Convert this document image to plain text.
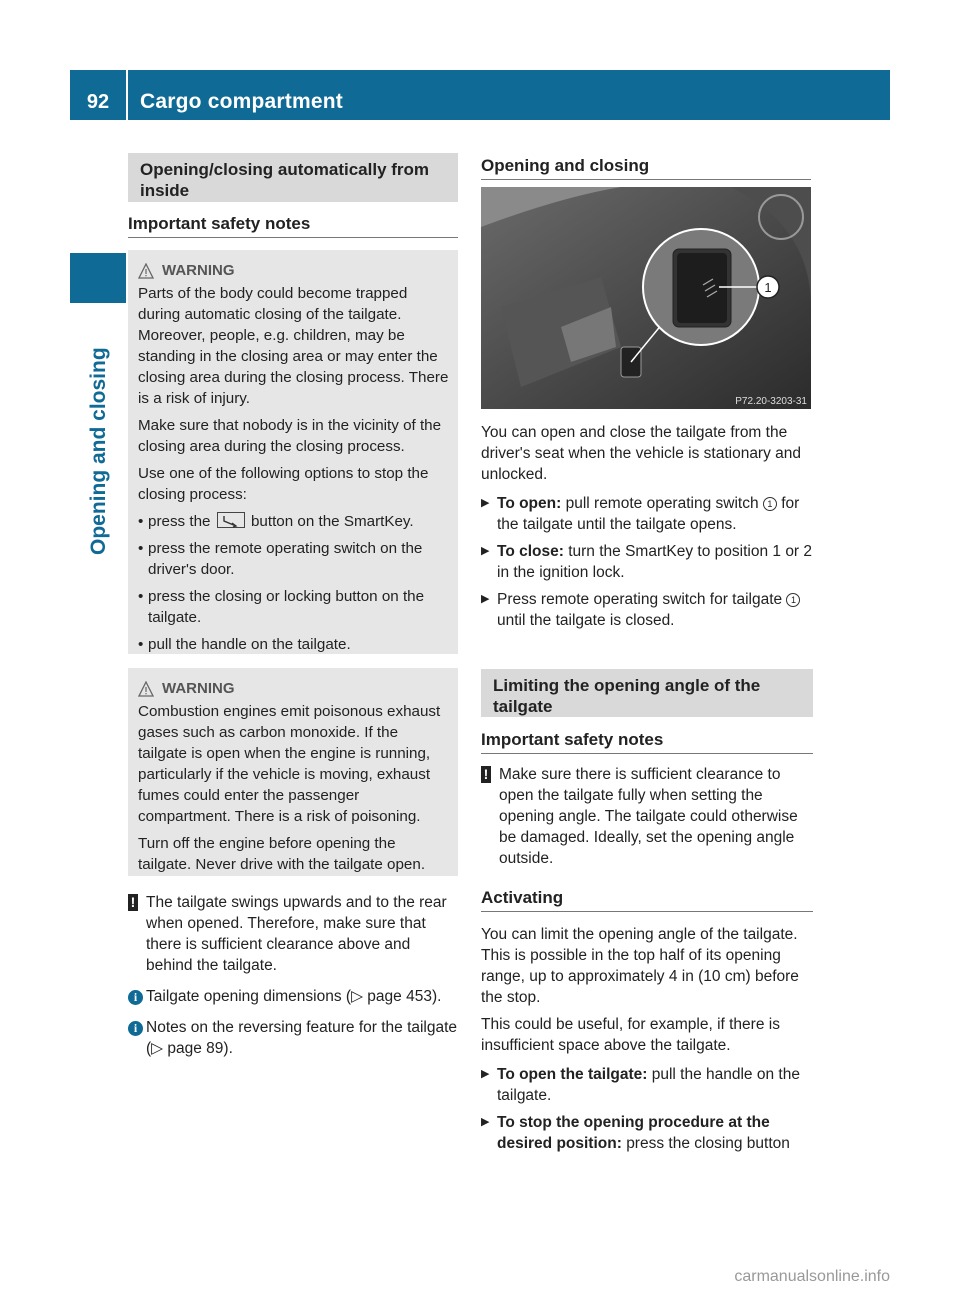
92	Cargo compartment
Opening and closing
Opening/closing automatically from inside
Important safety notes
WARNING

Parts of the body could become trapped during automatic closing of the tailgate. Moreover, people, e.g. children, may be standing in the closing area or may enter the closing area during the closing process. There is a risk of injury.

Make sure that nobody is in the vicinity of the closing area during the closing process.

Use one of the following options to stop the closing process:

• press the	button on the SmartKey.
• press the remote operating switch on the driver's door.
• press the closing or locking button on the tailgate.
• pull the handle on the tailgate.
WARNING

Combustion engines emit poisonous exhaust gases such as carbon monoxide. If the tailgate is open when the engine is running, particularly if the vehicle is moving, exhaust fumes could enter the passenger compartment. There is a risk of poisoning.

Turn off the engine before opening the tailgate. Never drive with the tailgate open.

! The tailgate swings upwards and to the rear when opened. Therefore, make sure that there is sufficient clearance above and behind the tailgate.
i Tailgate opening dimensions (▷ page 453).
i Notes on the reversing feature for the tailgate (▷ page 89).
Opening and closing
1
P72.20-3203-31

You can open and close the tailgate from the driver's seat when the vehicle is stationary and unlocked.

▶ To open: pull remote operating switch 1 for the tailgate until the tailgate opens.
▶ To close: turn the SmartKey to position 1 or 2 in the ignition lock.
▶ Press remote operating switch for tailgate 1 until the tailgate is closed.
Limiting the opening angle of the tailgate
Important safety notes
! Make sure there is sufficient clearance to open the tailgate fully when setting the opening angle. The tailgate could otherwise be damaged. Ideally, set the opening angle outside.
Activating

You can limit the opening angle of the tailgate. This is possible in the top half of its opening range, up to approximately 4 in (10 cm) before the stop.

This could be useful, for example, if there is insufficient space above the tailgate.

▶ To open the tailgate: pull the handle on the tailgate.
▶ To stop the opening procedure at the desired position: press the closing button
carmanualsonline.info
